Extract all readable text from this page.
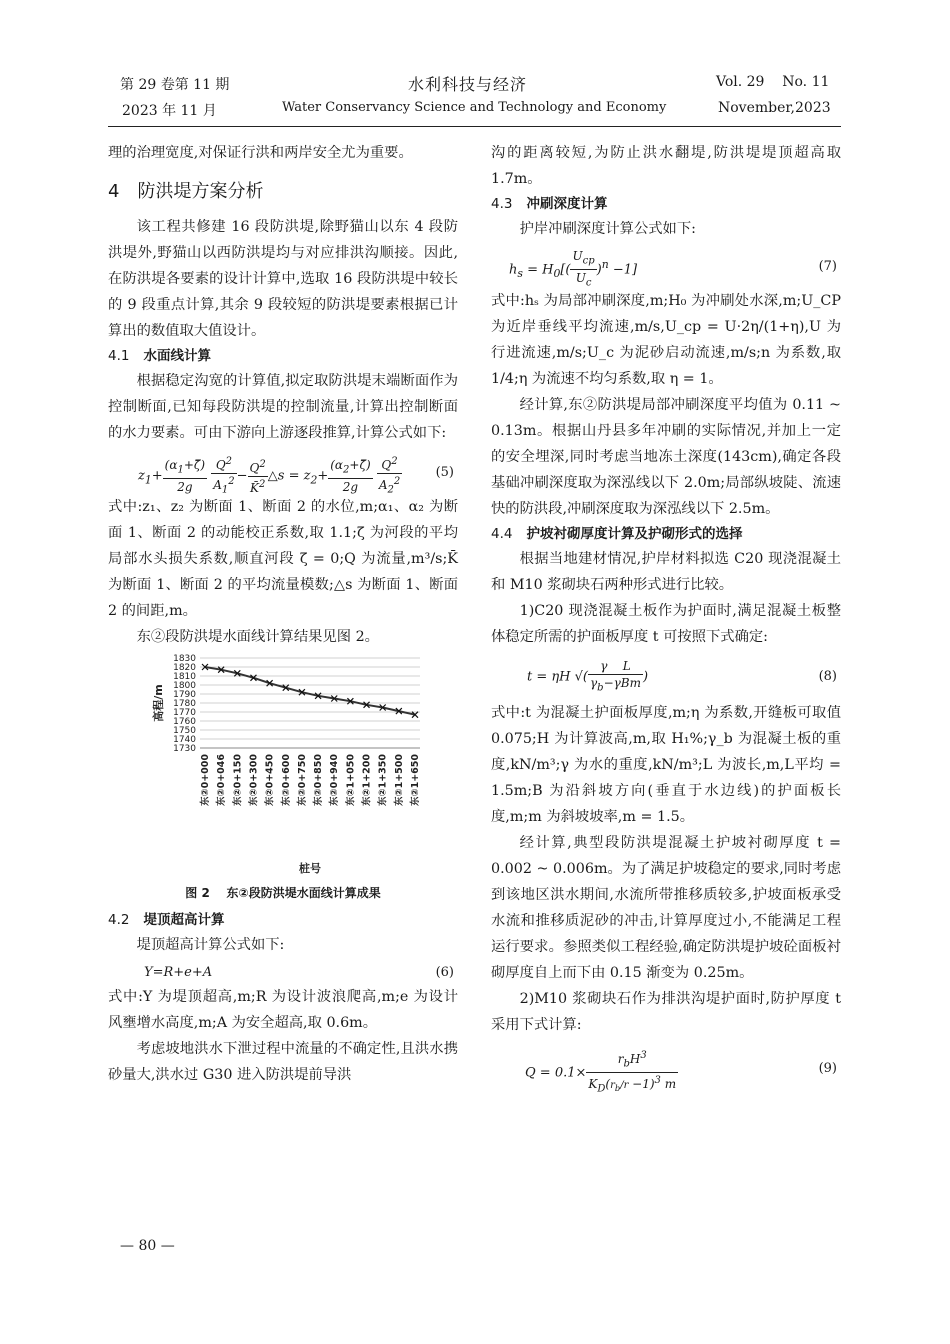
第 29 卷第 11 期
2023 年 11 月
水利科技与经济
Water Conservancy Science and Technology and Economy
Vol. 29    No. 11
November,2023

理的治理宽度,对保证行洪和两岸安全尤为重要。

4 防洪堤方案分析

该工程共修建 16 段防洪堤,除野猫山以东 4 段防洪堤外,野猫山以西防洪堤均与对应排洪沟顺接。因此,在防洪堤各要素的设计计算中,选取 16 段防洪堤中较长的 9 段重点计算,其余 9 段较短的防洪堤要素根据已计算出的数值取大值设计。

4.1 水面线计算

根据稳定沟宽的计算值,拟定取防洪堤末端断面作为控制断面,已知每段防洪堤的控制流量,计算出控制断面的水力要素。可由下游向上游逐段推算,计算公式如下:

$z_1+ \frac{(\alpha_1+\zetā)}{2g}$
$\frac{Q^2}{A_1^2} - \frac{Q^2}{K̄^2}$ △s = $z_2+ \frac{(\alpha_2+\zetā)}{2g}$
$\frac{Q^2}{A_2^2}$	(5)

式中:z₁、z₂ 为断面 1、断面 2 的水位,m;α₁、α₂ 为断面 1、断面 2 的动能校正系数,取 1.1;ζ̄ 为河段的平均局部水头损失系数,顺直河段 ζ̄ = 0;Q 为流量,m³/s;K̄ 为断面 1、断面 2 的平均流量模数;△s 为断面 1、断面 2 的间距,m。

东②段防洪堤水面线计算结果见图 2。

1730
1740
1750
1760
1770
1780
1790
1800
1810
1820
1830
高程/m
东②0+000 东②0+046 东②0+150 东②0+300 东②0+450 东②0+600 东②0+750 东②0+850 东②0+940 东②1+050 东②1+200 东②1+350 东②1+500 东②1+650
桩号
图 2    东②段防洪堤水面线计算成果
4.2 堤顶超高计算

堤顶超高计算公式如下:

Y=R+e+A	(6)

式中:Y 为堤顶超高,m;R 为设计波浪爬高,m;e 为设计风壅增水高度,m;A 为安全超高,取 0.6m。

考虑坡地洪水下泄过程中流量的不确定性,且洪水携砂量大,洪水过 G30 进入防洪堤前导洪

沟的距离较短,为防止洪水翻堤,防洪堤堤顶超高取 1.7m。

4.3 冲刷深度计算

护岸冲刷深度计算公式如下:

$h_s = H_0[( \frac{U_{cp}}{U_c} )^n -1]$	(7)

式中:hₛ 为局部冲刷深度,m;H₀ 为冲刷处水深,m;U_CP 为近岸垂线平均流速,m/s,U_cp = U·2η/(1+η),U 为行进流速,m/s;U_c 为泥砂启动流速,m/s;n 为系数,取 1/4;η 为流速不均匀系数,取 η = 1。

经计算,东②防洪堤局部冲刷深度平均值为 0.11 ~ 0.13m。根据山丹县多年冲刷的实际情况,并加上一定的安全埋深,同时考虑当地冻土深度(143cm),确定各段基础冲刷深度取为深泓线以下 2.0m;局部纵坡陡、流速快的防洪段,冲刷深度取为深泓线以下 2.5m。

4.4 护坡衬砌厚度计算及护砌形式的选择

根据当地建材情况,护岸材料拟选 C20 现浇混凝土和 M10 浆砌块石两种形式进行比较。

1)C20 现浇混凝土板作为护面时,满足混凝土板整体稳定所需的护面板厚度 t 可按照下式确定:

t = ηH √( $\frac{\text{γ    L}}{\gamma_b-\gamma Bm}$ )	(8)

式中:t 为混凝土护面板厚度,m;η 为系数,开缝板可取值 0.075;H 为计算波高,m,取 H₁%;γ_b 为混凝土板的重度,kN/m³;γ 为水的重度,kN/m³;L 为波长,m,L平均 = 1.5m;B 为沿斜坡方向(垂直于水边线)的护面板长度,m;m 为斜坡坡率,m = 1.5。

经计算,典型段防洪堤混凝土护坡衬砌厚度 t = 0.002 ~ 0.006m。为了满足护坡稳定的要求,同时考虑到该地区洪水期间,水流所带推移质较多,护坡面板承受水流和推移质泥砂的冲击,计算厚度过小,不能满足工程运行要求。参照类似工程经验,确定防洪堤护坡砼面板衬砌厚度自上而下由 0.15 渐变为 0.25m。

2)M10 浆砌块石作为排洪沟堤护面时,防护厚度 t 采用下式计算:

$Q = 0.1\times \frac{r_bH^3}{K_D(r_b/r -1)^3 m}$	(9)
— 80 —
